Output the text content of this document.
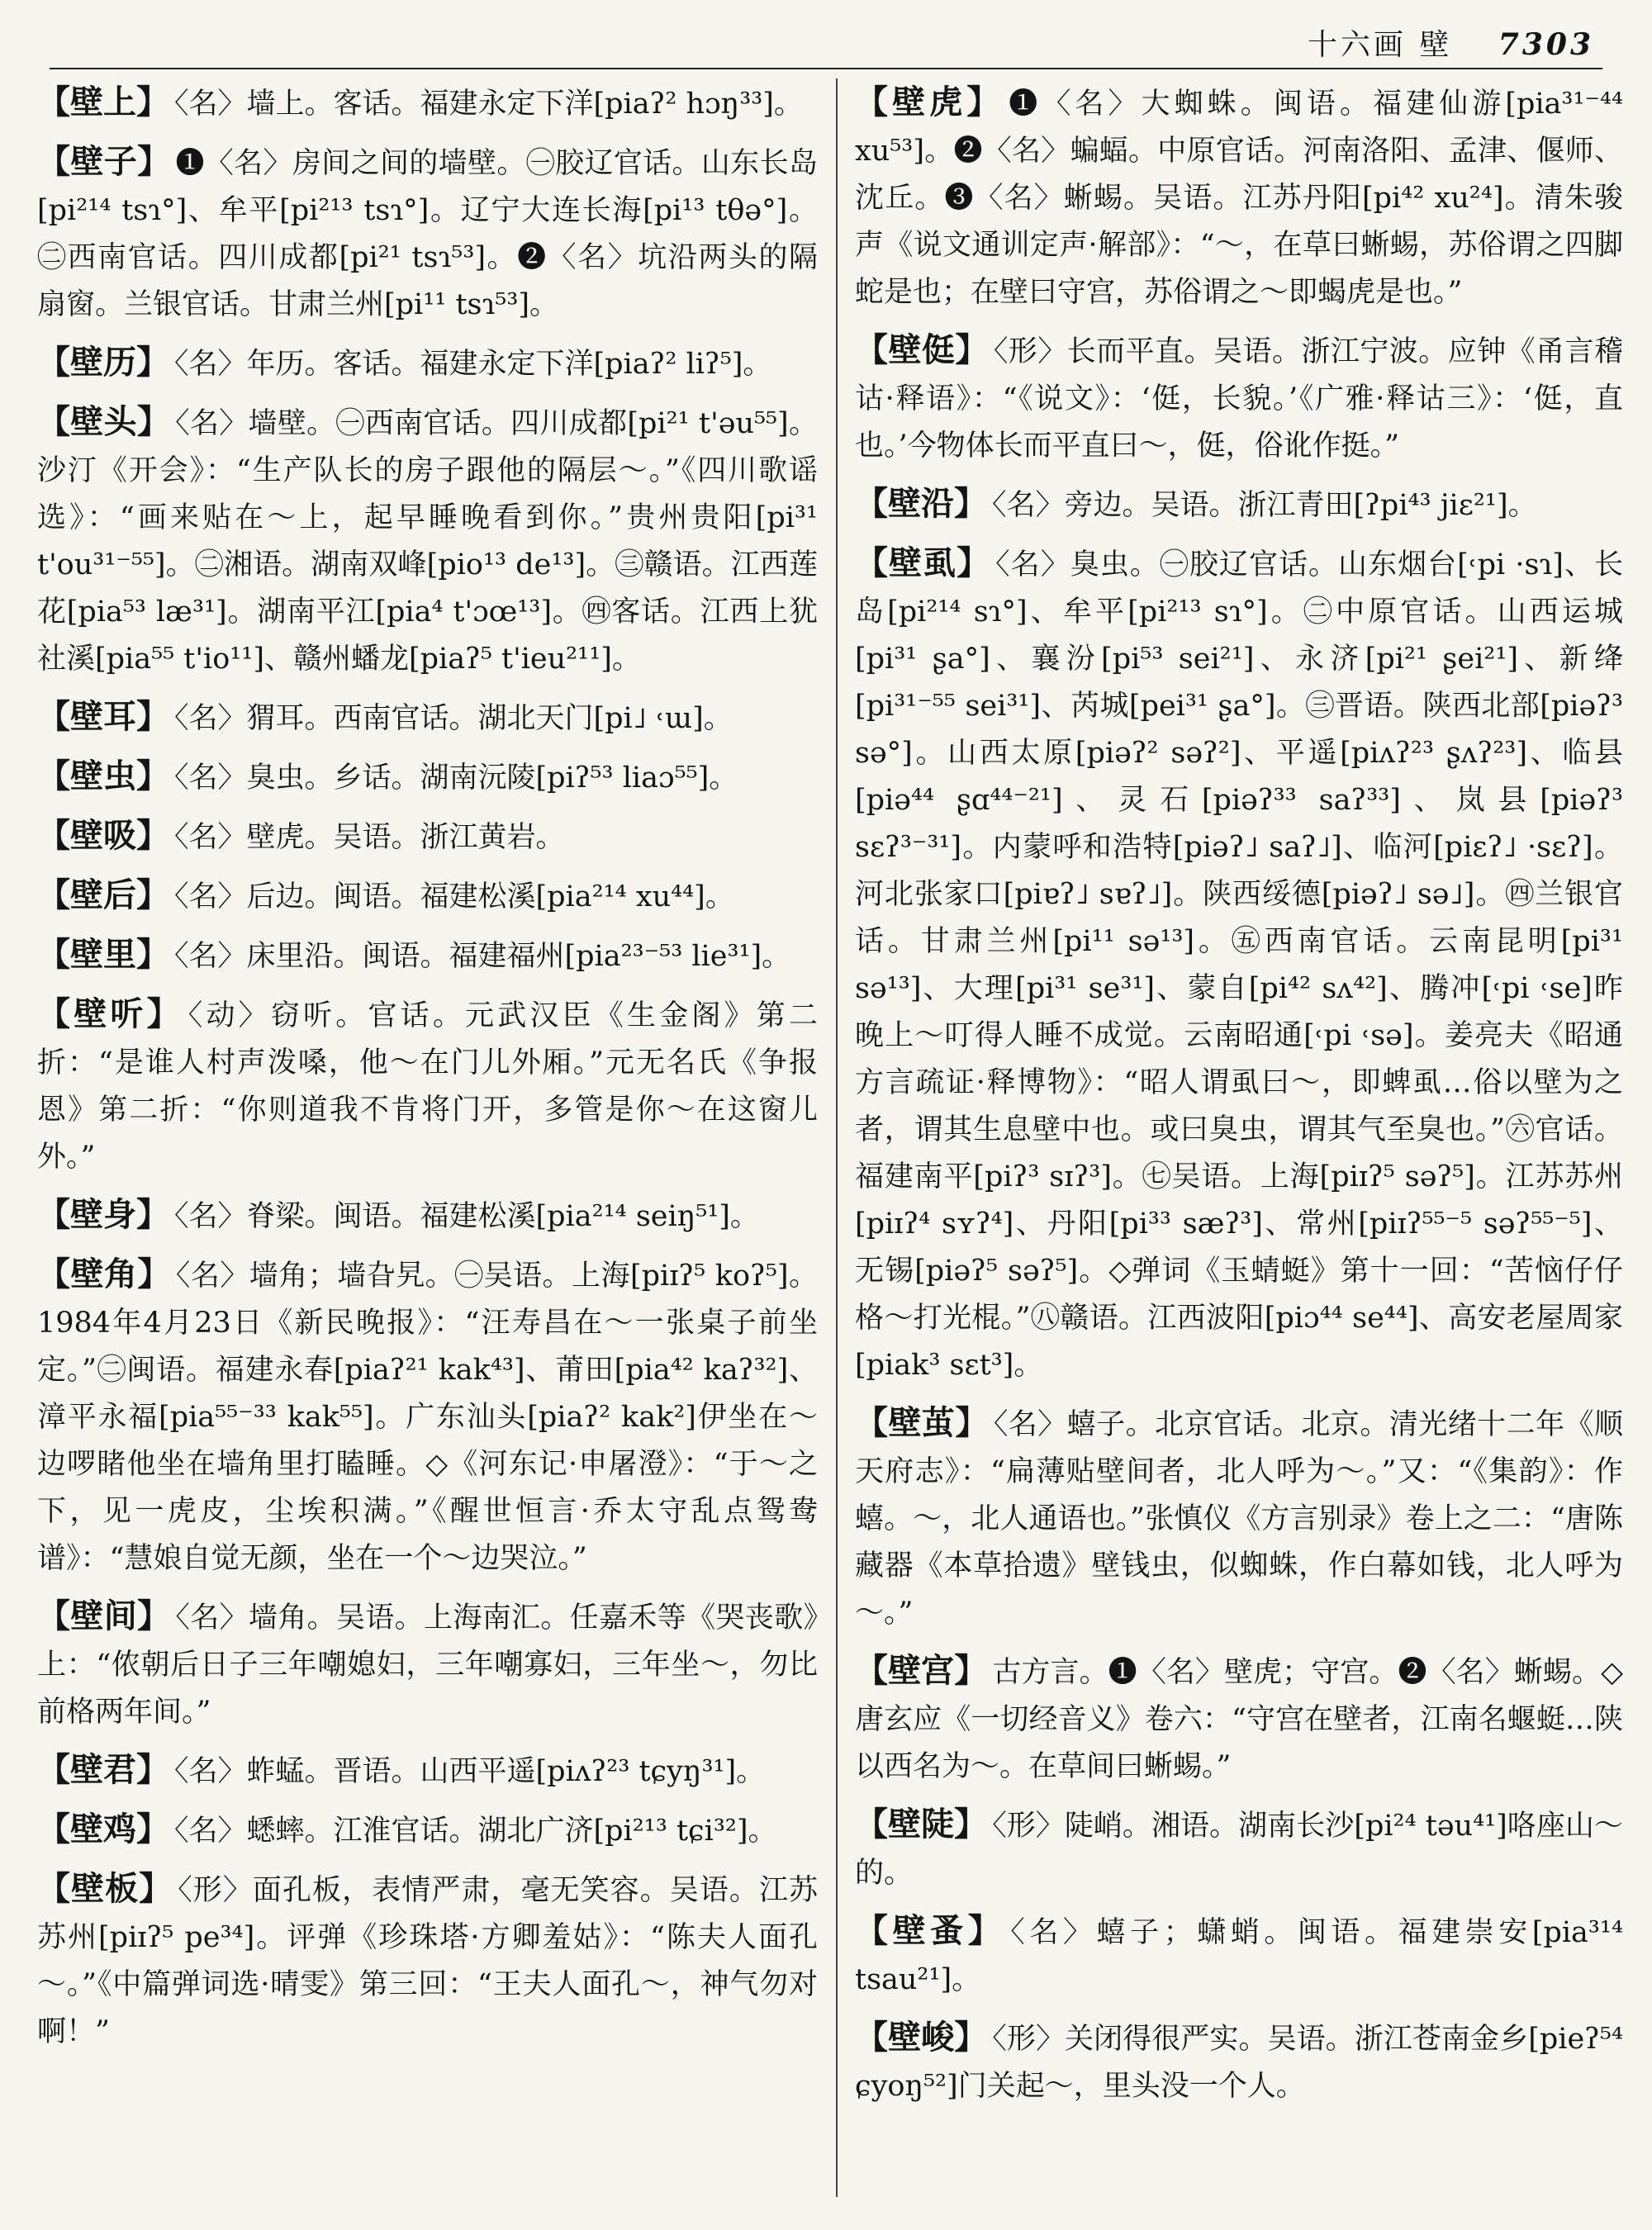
十六画 壁 7303

【壁上】 〈名〉墙上。客话。福建永定下洋[piaʔ² hɔŋ³³]。

【壁子】 ❶〈名〉房间之间的墙壁。㊀胶辽官话。山东长岛[pi²¹⁴ tsɿ°]、牟平[pi²¹³ tsɿ°]。辽宁大连长海[pi¹³ tθə°]。㊁西南官话。四川成都[pi²¹ tsɿ⁵³]。❷〈名〉坑沿两头的隔扇窗。兰银官话。甘肃兰州[pi¹¹ tsɿ⁵³]。

【壁历】 〈名〉年历。客话。福建永定下洋[piaʔ² liʔ⁵]。

【壁头】 〈名〉墙壁。㊀西南官话。四川成都[pi²¹ t'əu⁵⁵]。沙汀《开会》：“生产队长的房子跟他的隔层～。”《四川歌谣选》：“画来贴在～上，起早睡晚看到你。”贵州贵阳[pi³¹ t'ou³¹⁻⁵⁵]。㊁湘语。湖南双峰[pio¹³ de¹³]。㊂赣语。江西莲花[pia⁵³ læ³¹]。湖南平江[pia⁴ t'ɔœ¹³]。㊃客话。江西上犹社溪[pia⁵⁵ t'io¹¹]、赣州蟠龙[piaʔ⁵ t'ieu²¹¹]。

【壁耳】 〈名〉猬耳。西南官话。湖北天门[pi˩ ˓ɯ]。

【壁虫】 〈名〉臭虫。乡话。湖南沅陵[piʔ⁵³ liaɔ⁵⁵]。

【壁吸】 〈名〉壁虎。吴语。浙江黄岩。

【壁后】 〈名〉后边。闽语。福建松溪[pia²¹⁴ xu⁴⁴]。

【壁里】 〈名〉床里沿。闽语。福建福州[pia²³⁻⁵³ lie³¹]。

【壁听】 〈动〉窃听。官话。元武汉臣《生金阁》第二折：“是谁人村声泼嗓，他～在门儿外厢。”元无名氏《争报恩》第二折：“你则道我不肯将门开，多管是你～在这窗儿外。”

【壁身】 〈名〉脊梁。闽语。福建松溪[pia²¹⁴ seiŋ⁵¹]。

【壁角】 〈名〉墙角；墙旮旯。㊀吴语。上海[piɪʔ⁵ koʔ⁵]。1984年4月23日《新民晚报》：“汪寿昌在～一张桌子前坐定。”㊁闽语。福建永春[piaʔ²¹ kak⁴³]、莆田[pia⁴² kaʔ³²]、漳平永福[pia⁵⁵⁻³³ kak⁵⁵]。广东汕头[piaʔ² kak²]伊坐在～边啰睹他坐在墙角里打瞌睡。◇《河东记·申屠澄》：“于～之下，见一虎皮，尘埃积满。”《醒世恒言·乔太守乱点鸳鸯谱》：“慧娘自觉无颜，坐在一个～边哭泣。”

【壁间】 〈名〉墙角。吴语。上海南汇。任嘉禾等《哭丧歌》上：“侬朝后日子三年嘲媳妇，三年嘲寡妇，三年坐～，勿比前格两年间。”

【壁君】 〈名〉蚱蜢。晋语。山西平遥[piʌʔ²³ tɕyŋ³¹]。

【壁鸡】 〈名〉蟋蟀。江淮官话。湖北广济[pi²¹³ tɕi³²]。

【壁板】 〈形〉面孔板，表情严肃，毫无笑容。吴语。江苏苏州[piɪʔ⁵ pe³⁴]。评弹《珍珠塔·方卿羞姑》：“陈夫人面孔～。”《中篇弹词选·晴雯》第三回：“王夫人面孔～，神气勿对啊！”

【壁虎】 ❶〈名〉大蜘蛛。闽语。福建仙游[pia³¹⁻⁴⁴ xu⁵³]。❷〈名〉蝙蝠。中原官话。河南洛阳、孟津、偃师、沈丘。❸〈名〉蜥蜴。吴语。江苏丹阳[pi⁴² xu²⁴]。清朱骏声《说文通训定声·解部》：“～，在草曰蜥蜴，苏俗谓之四脚蛇是也；在壁曰守宫，苏俗谓之～即蝎虎是也。”

【壁侹】 〈形〉长而平直。吴语。浙江宁波。应钟《甬言稽诂·释语》：“《说文》：‘侹，长貌。’《广雅·释诂三》：‘侹，直也。’今物体长而平直曰～，侹，俗讹作挺。”

【壁沿】 〈名〉旁边。吴语。浙江青田[ʔpi⁴³ jiɛ²¹]。

【壁虱】 〈名〉臭虫。㊀胶辽官话。山东烟台[˓pi ·sɿ]、长岛[pi²¹⁴ sɿ°]、牟平[pi²¹³ sɿ°]。㊁中原官话。山西运城[pi³¹ ʂa°]、襄汾[pi⁵³ sei²¹]、永济[pi²¹ ʂei²¹]、新绛[pi³¹⁻⁵⁵ sei³¹]、芮城[pei³¹ ʂa°]。㊂晋语。陕西北部[piəʔ³ sə°]。山西太原[piəʔ² səʔ²]、平遥[piʌʔ²³ ʂʌʔ²³]、临县[piə⁴⁴ ʂɑ⁴⁴⁻²¹]、灵石[piəʔ³³ saʔ³³]、岚县[piəʔ³ sɛʔ³⁻³¹]。内蒙呼和浩特[piəʔ˩ saʔ˩]、临河[piɛʔ˩ ·sɛʔ]。河北张家口[piɐʔ˩ sɐʔ˩]。陕西绥德[piəʔ˩ sə˩]。㊃兰银官话。甘肃兰州[pi¹¹ sə¹³]。㊄西南官话。云南昆明[pi³¹ sə¹³]、大理[pi³¹ se³¹]、蒙自[pi⁴² sʌ⁴²]、腾冲[˓pi ˓se]昨晚上～叮得人睡不成觉。云南昭通[˓pi ˓sə]。姜亮夫《昭通方言疏证·释博物》：“昭人谓虱曰～，即蜱虱…俗以壁为之者，谓其生息壁中也。或曰臭虫，谓其气至臭也。”㊅官话。福建南平[piʔ³ sɪʔ³]。㊆吴语。上海[piɪʔ⁵ səʔ⁵]。江苏苏州[piɪʔ⁴ sʏʔ⁴]、丹阳[pi³³ sæʔ³]、常州[piɪʔ⁵⁵⁻⁵ səʔ⁵⁵⁻⁵]、无锡[piəʔ⁵ səʔ⁵]。◇弹词《玉蜻蜓》第十一回：“苦恼仔仔格～打光棍。”㊇赣语。江西波阳[piɔ⁴⁴ se⁴⁴]、高安老屋周家[piak³ sɛt³]。

【壁茧】 〈名〉蟢子。北京官话。北京。清光绪十二年《顺天府志》：“扁薄贴壁间者，北人呼为～。”又：“《集韵》：作蟢。～，北人通语也。”张慎仪《方言别录》卷上之二：“唐陈藏器《本草拾遗》壁钱虫，似蜘蛛，作白幕如钱，北人呼为～。”

【壁宫】 古方言。❶〈名〉壁虎；守宫。❷〈名〉蜥蜴。◇唐玄应《一切经音义》卷六：“守宫在壁者，江南名蝘蜓…陕以西名为～。在草间曰蜥蜴。”

【壁陡】 〈形〉陡峭。湘语。湖南长沙[pi²⁴ təu⁴¹]咯座山～的。

【壁蚤】 〈名〉蟢子；蟏蛸。闽语。福建崇安[pia³¹⁴ tsau²¹]。

【壁峻】 〈形〉关闭得很严实。吴语。浙江苍南金乡[pieʔ⁵⁴ ɕyoŋ⁵²]门关起～，里头没一个人。
